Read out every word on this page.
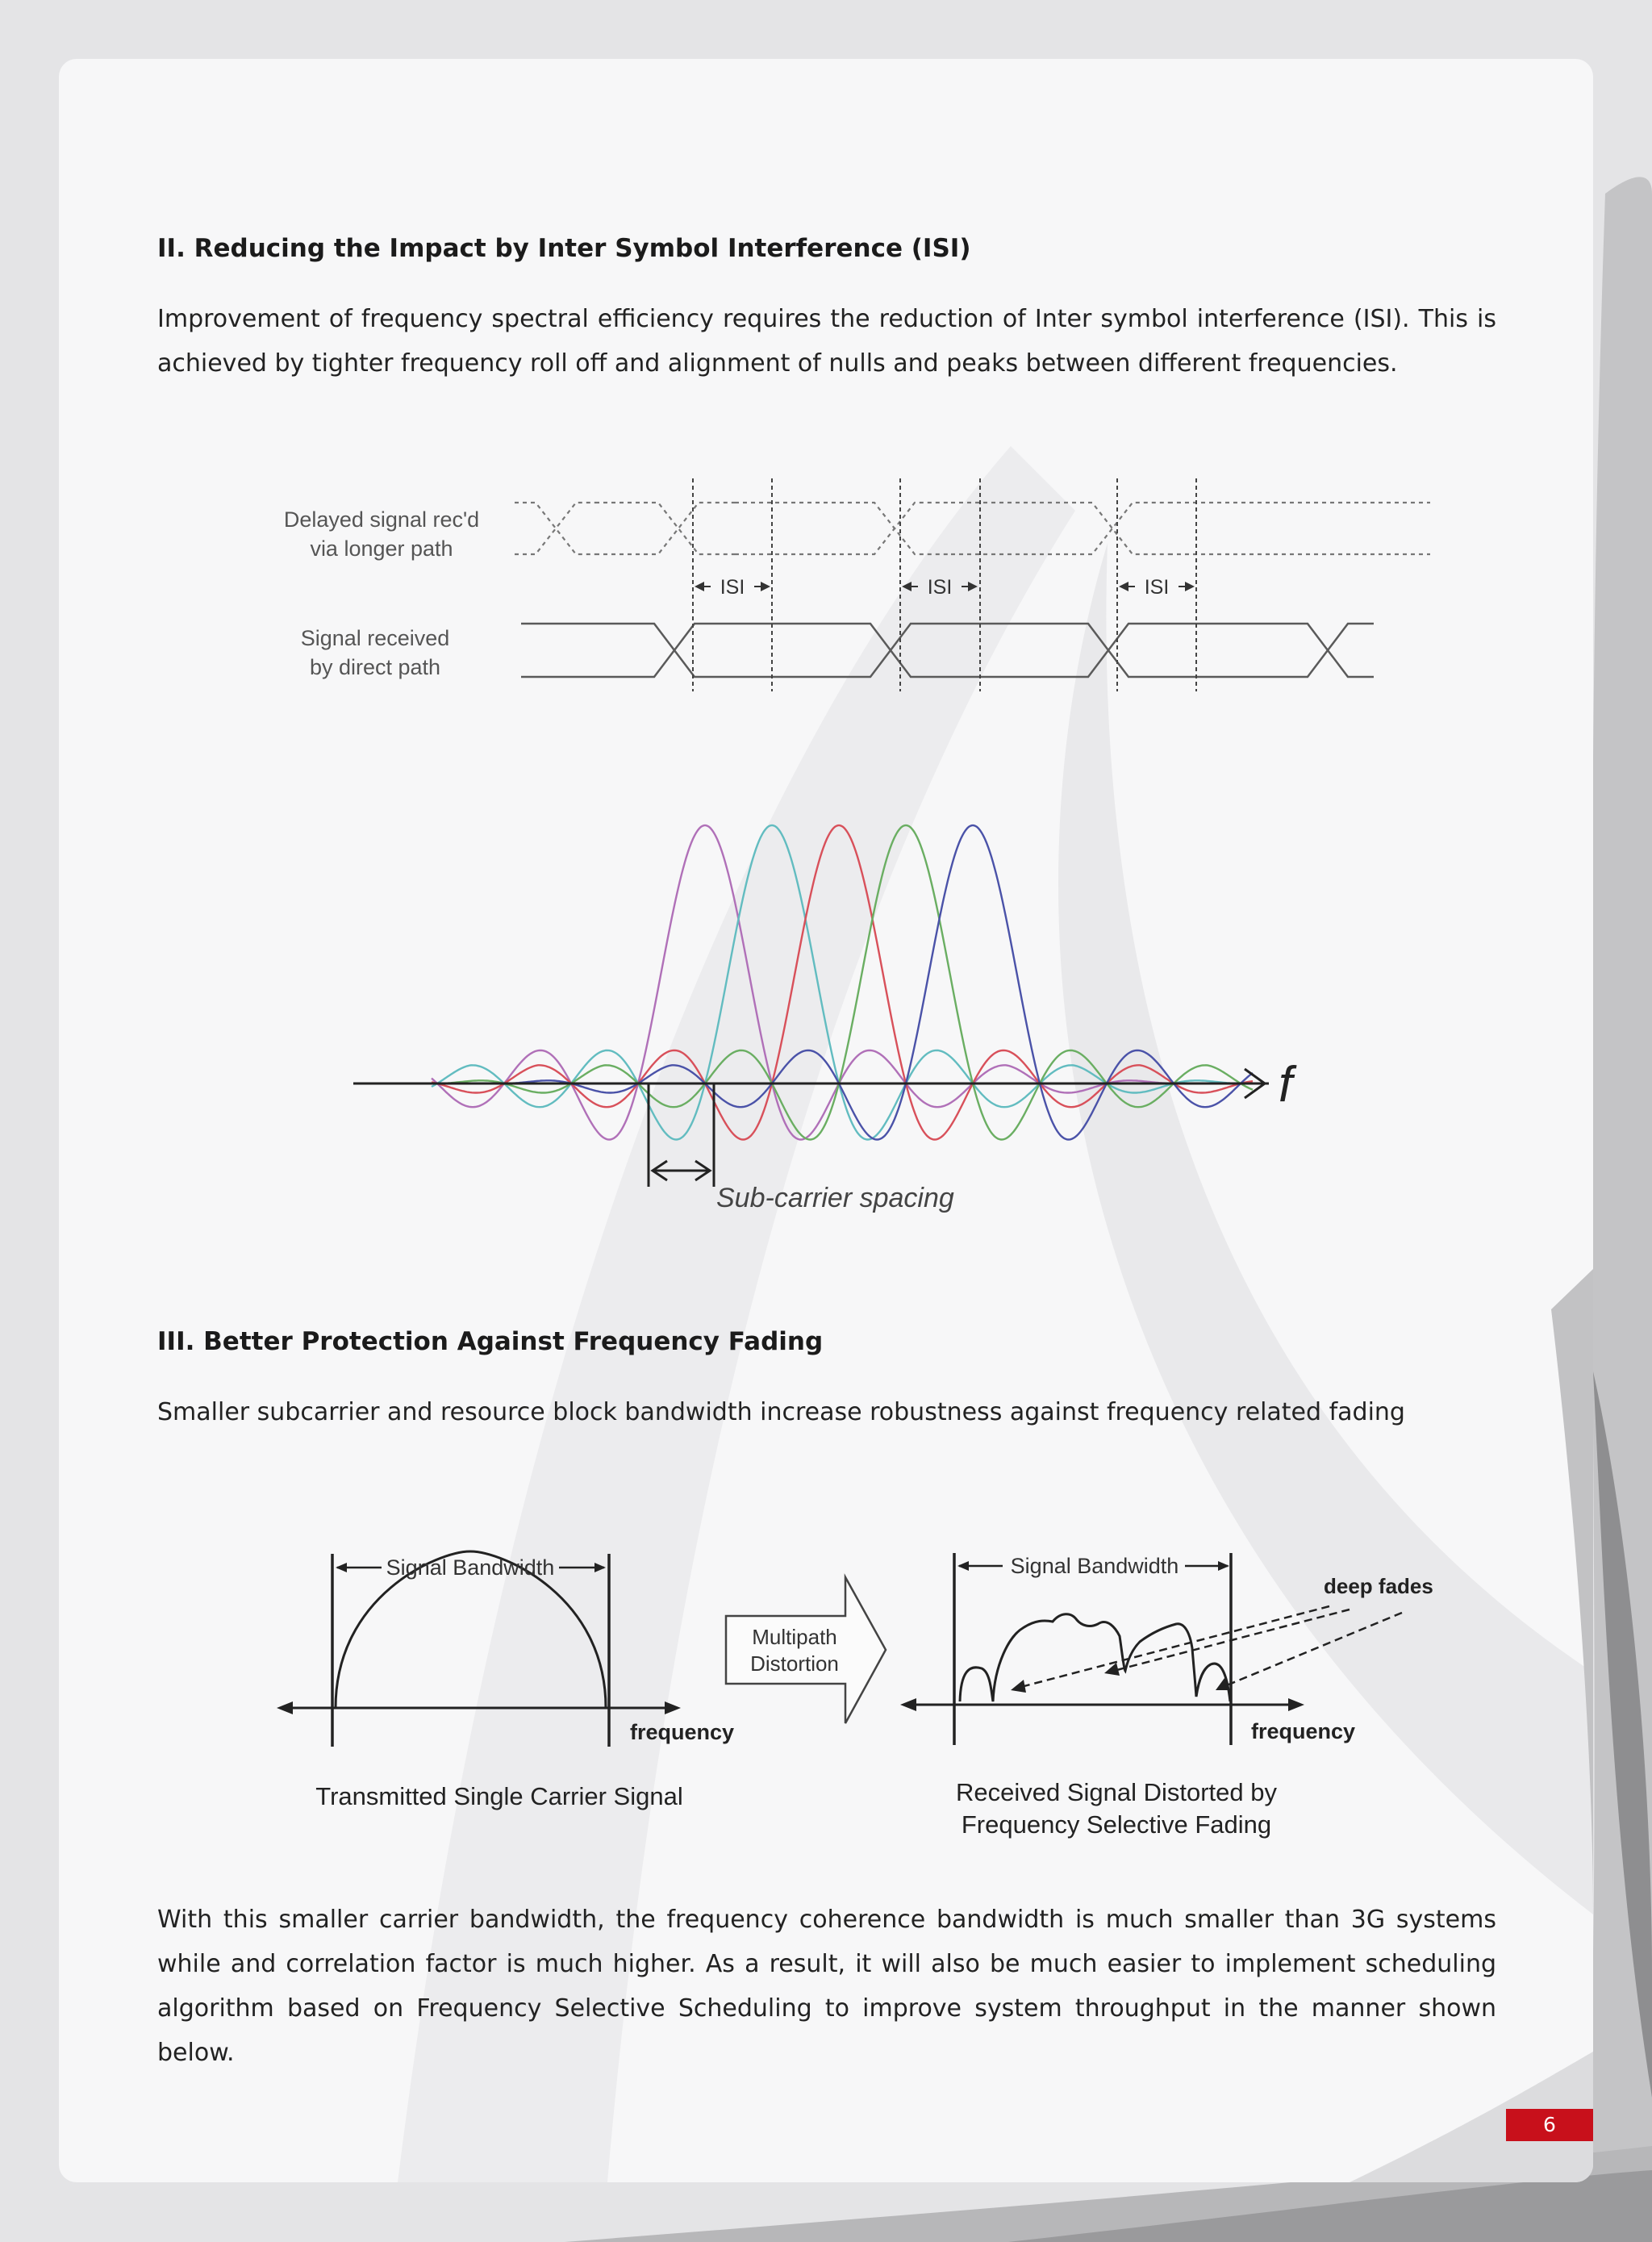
II. Reducing the Impact by Inter Symbol Interference (ISI)

Improvement of frequency spectral efficiency requires the reduction of Inter symbol interference (ISI). This is achieved by tighter frequency roll off and alignment of nulls and peaks between different frequencies.

Delayed signal rec'd
via longer path
Signal received
by direct path
ISI	ISI	ISI
f
Sub-carrier spacing
III. Better Protection Against Frequency Fading

Smaller subcarrier and resource block bandwidth increase robustness against frequency related fading

Signal Bandwidth
frequency
Transmitted Single Carrier Signal
Multipath
Distortion
Signal Bandwidth
deep fades
frequency
Received Signal Distorted by
Frequency Selective Fading

With this smaller carrier bandwidth, the frequency coherence bandwidth is much smaller than 3G systems while and correlation factor is much higher. As a result, it will also be much easier to implement scheduling algorithm based on Frequency Selective Scheduling to improve system throughput in the manner shown below.

6
